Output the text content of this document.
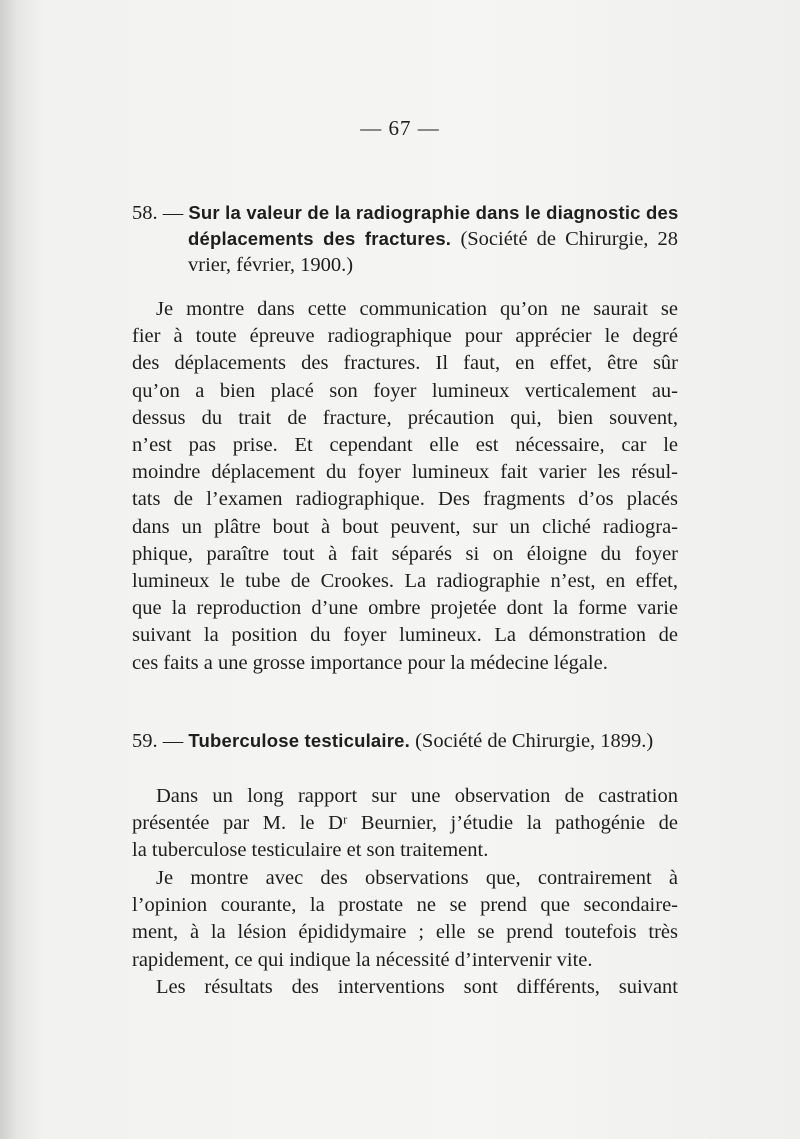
— 67 —
Je montre dans cette communication qu’on ne saurait se
fier à toute épreuve radiographique pour apprécier le degré
des déplacements des fractures. Il faut, en effet, être sûr
qu’on a bien placé son foyer lumineux verticalement au-
dessus du trait de fracture, précaution qui, bien souvent,
n’est pas prise. Et cependant elle est nécessaire, car le
moindre déplacement du foyer lumineux fait varier les résul-
tats de l’examen radiographique. Des fragments d’os placés
dans un plâtre bout à bout peuvent, sur un cliché radiogra-
phique, paraître tout à fait séparés si on éloigne du foyer
lumineux le tube de Crookes. La radiographie n’est, en effet,
que la reproduction d’une ombre projetée dont la forme varie
suivant la position du foyer lumineux. La démonstration de
ces faits a une grosse importance pour la médecine légale.
59. — Tuberculose testiculaire. (Société de Chirurgie, 1899.)
Dans un long rapport sur une observation de castration
présentée par M. le Dʳ Beurnier, j’étudie la pathogénie de
la tuberculose testiculaire et son traitement.
Je montre avec des observations que, contrairement à
l’opinion courante, la prostate ne se prend que secondaire-
ment, à la lésion épididymaire ; elle se prend toutefois très
rapidement, ce qui indique la nécessité d’intervenir vite.
Les résultats des interventions sont différents, suivant
58. — Sur la valeur de la radiographie dans le diagnostic des
déplacements des fractures. (Société de Chirurgie, 28
vrier, février, 1900.)
